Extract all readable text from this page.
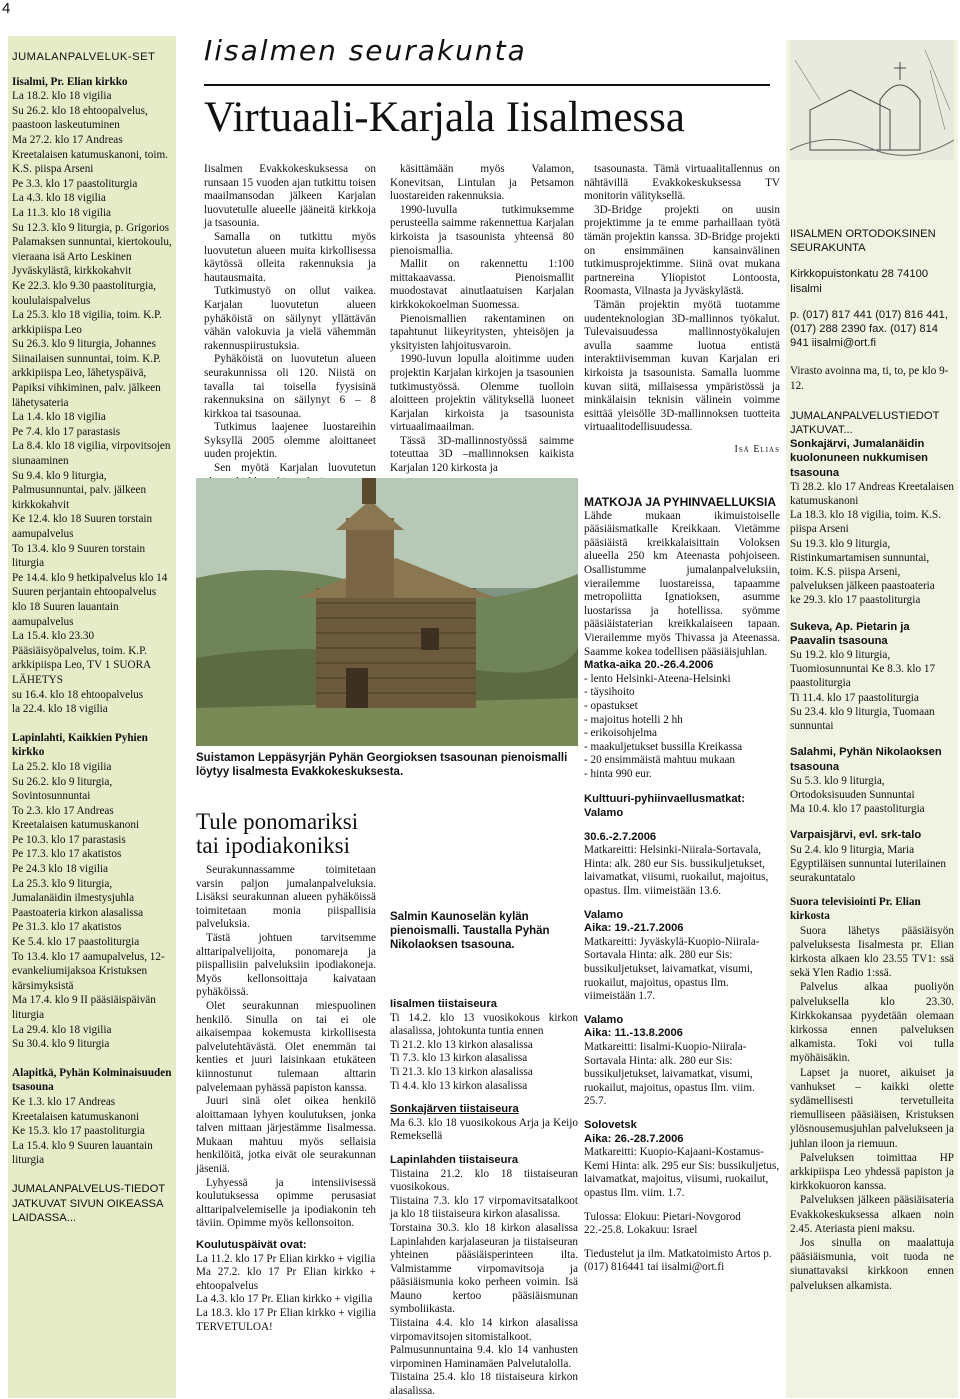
4

JUMALANPALVELUK-SET

Iisalmi, Pr. Elian kirkko

La 18.2. klo 18 vigilia

Su 26.2. klo 18 ehtoopalvelus, paastoon laskeutuminen

Ma 27.2. klo 17 Andreas Kreetalaisen katumuskanoni, toim. K.S. piispa Arseni

Pe 3.3. klo 17 paastoliturgia

La 4.3. klo 18 vigilia

La 11.3. klo 18 vigilia

Su 12.3. klo 9 liturgia, p. Grigorios Palamaksen sunnuntai, kiertokoulu, vieraana isä Arto Leskinen Jyväskylästä, kirkkokahvit

Ke 22.3. klo 9.30 paastoliturgia, koululaispalvelus

La 25.3. klo 18 vigilia, toim. K.P. arkkipiispa Leo

Su 26.3. klo 9 liturgia, Johannes Siinailaisen sunnuntai, toim. K.P. arkkipiispa Leo, lähetyspäivä, Papiksi vihkiminen, palv. jälkeen lähetysateria

La 1.4. klo 18 vigilia

Pe 7.4. klo 17 parastasis

La 8.4. klo 18 vigilia, virpovitsojen siunaaminen

Su 9.4. klo 9 liturgia, Palmusunnuntai, palv. jälkeen kirkkokahvit

Ke 12.4. klo 18 Suuren torstain aamupalvelus

To 13.4. klo 9 Suuren torstain liturgia

Pe 14.4. klo 9 hetkipalvelus klo 14 Suuren perjantain ehtoopalvelus

klo 18 Suuren lauantain aamupalvelus

La 15.4. klo 23.30 Pääsiäisyöpalvelus, toim. K.P. arkkipiispa Leo, TV 1 SUORA LÄHETYS

su 16.4. klo 18 ehtoopalvelus

la 22.4. klo 18 vigilia

Lapinlahti, Kaikkien Pyhien kirkko

La 25.2. klo 18 vigilia

Su 26.2. klo 9 liturgia, Sovintosunnuntai

To 2.3. klo 17 Andreas Kreetalaisen katumuskanoni

Pe 10.3. klo 17 parastasis

Pe 17.3. klo 17 akatistos

Pe 24.3 klo 18 vigilia

La 25.3. klo 9 liturgia, Jumalanäidin ilmestysjuhla

Paastoateria kirkon alasalissa

Pe 31.3. klo 17 akatistos

Ke 5.4. klo 17 paastoliturgia

To 13.4. klo 17 aamupalvelus, 12-evankeliumijaksoa Kristuksen kärsimyksistä

Ma 17.4. klo 9 II pääsiäispäivän liturgia

La 29.4. klo 18 vigilia

Su 30.4. klo 9 liturgia

Alapitkä, Pyhän Kolminaisuuden tsasouna

Ke 1.3. klo 17 Andreas Kreetalaisen katumuskanoni

Ke 15.3. klo 17 paastoliturgia

La 15.4. klo 9 Suuren lauantain liturgia

JUMALANPALVELUS-TIEDOT JATKUVAT SIVUN OIKEASSA LAIDASSA...

Iisalmen seurakunta
Virtuaali-Karjala Iisalmessa

Iisalmen Evakkokeskuksessa on runsaan 15 vuoden ajan tutkittu toisen maailmansodan jälkeen Karjalan luovutetulle alueelle jääneitä kirkkoja ja tsasounia.

Samalla on tutkittu myös luovutetun alueen muita kirkollisessa käytössä olleita rakennuksia ja hautausmaita.

Tutkimustyö on ollut vaikea. Karjalan luovutetun alueen pyhäköistä on säilynyt yllättävän vähän valokuvia ja vielä vähemmän rakennuspiirustuksia.

Pyhäköistä on luovutetun alueen seurakunnissa oli 120. Niistä on tavalla tai toisella fyysisinä rakennuksina on säilynyt 6 – 8 kirkkoa tai tsasounaa.

Tutkimus laajenee luostareihin Syksyllä 2005 olemme aloittaneet uuden projektin.

Sen myötä Karjalan luovutetun

käsittämään myös Valamon, Konevitsan, Lintulan ja Petsamon luostareiden rakennuksia.

1990-luvulla tutkimuksemme perusteella saimme rakennettua Karjalan kirkoista ja tsasounista yhteensä 80 pienoismallia.

Mallit on rakennettu 1:100 mittakaavassa. Pienoismallit muodostavat ainutlaatuisen Karjalan kirkkokokoelman Suomessa.

Pienoismallien rakentaminen on tapahtunut liikeyritysten, yhteisöjen ja yksityisten lahjoitusvaroin.

1990-luvun lopulla aloitimme uuden projektin Karjalan kirkojen ja tsasounien tutkimustyössä. Olemme tuolloin aloitteen projektin välityksellä luoneet Karjalan kirkoista ja tsasounista virtuaalimaailman.

Tässä 3D-mallinnostyössä saimme toteuttaa 3D –mallinnoksen kaikista Karjalan 120 kirkosta ja

tsasounasta. Tämä virtuaalitallennus on nähtävillä Evakkokeskuksessa TV monitorin välityksellä.

3D-Bridge projekti on uusin projektimme ja te emme parhaillaan työtä tämän projektin kanssa. 3D-Bridge projekti on ensimmäinen kansainvälinen tutkimusprojektimme. Siinä ovat mukana partnereina Yliopistot Lontoosta, Roomasta, Vilnasta ja Jyväskylästä.

Tämän projektin myötä tuotamme uudenteknologian 3D-mallinnos työkalut. Tulevaisuudessa mallinnostyökalujen avulla saamme luotua entistä interaktiivisemman kuvan Karjalan eri kirkoista ja tsasounista. Samalla luomme kuvan siitä, millaisessa ympäristössä ja minkälaisin teknisin välinein voimme esittää yleisölle 3D-mallinnoksen tuotteita virtuaalitodellisuudessa.

Isä Elias

Suistamon Leppäsyrjän Pyhän Georgioksen tsasounan pienoismalli löytyy Iisalmesta Evakkokeskuksesta.
Tule ponomariksi tai ipodiakoniksi

Seurakunnassamme toimitetaan varsin paljon jumalanpalveluksia. Lisäksi seurakunnan alueen pyhäköissä toimitetaan monia piispallisia palveluksia.

Tästä johtuen tarvitsemme alttaripalvelijoita, ponomareja ja piispallisiin palveluksiin ipodiakoneja. Myös kellonsoittaja kaivataan pyhäköissä.

Olet seurakunnan miespuolinen henkilö. Sinulla on tai ei ole aikaisempaa kokemusta kirkollisesta palvelutehtävästä. Olet enemmän tai kenties et juuri laisinkaan etukäteen kiinnostunut tulemaan alttarin palvelemaan pyhässä papiston kanssa.

Juuri sinä olet oikea henkilö aloittamaan lyhyen koulutuksen, jonka talven mittaan järjestämme Iisalmessa. Mukaan mahtuu myös sellaisia henkilöitä, jotka eivät ole seurakunnan jäseniä.

Lyhyessä ja intensiivisessä koulutuksessa opimme perusasiat alttaripalvelemiselle ja ipodiakonin teh täviin. Opimme myös kellonsoiton.

Koulutuspäivät ovat:

La 11.2. klo 17 Pr Elian kirkko + vigilia

Ma 27.2. klo 17 Pr Elian kirkko + ehtoopalvelus

La 4.3. klo 17 Pr. Elian kirkko + vigilia

La 18.3. klo 17 Pr Elian kirkko + vigilia TERVETULOA!

Salmin Kaunoselän kylän pienoismalli. Taustalla Pyhän Nikolaoksen tsasouna.

Iisalmen tiistaiseura

Ti 14.2. klo 13 vuosikokous kirkon alasalissa, johtokunta tuntia ennen

Ti 21.2. klo 13 kirkon alasalissa

Ti 7.3. klo 13 kirkon alasalissa

Ti 21.3. klo 13 kirkon alasalissa

Ti 4.4. klo 13 kirkon alasalissa

Sonkajärven tiistaiseura

Ma 6.3. klo 18 vuosikokous Arja ja Keijo Remeksellä

Lapinlahden tiistaiseura

Tiistaina 21.2. klo 18 tiistaiseuran vuosikokous.

Tiistaina 7.3. klo 17 virpomavitsatalkoot ja klo 18 tiistaiseura kirkon alasalissa.

Torstaina 30.3. klo 18 kirkon alasalissa Lapinlahden karjalaseuran ja tiistaiseuran yhteinen pääsiäisperinteen ilta. Valmistamme virpomavitsoja ja pääsiäismunia koko perheen voimin. Isä Mauno kertoo pääsiäismunan symboliikasta.

Tiistaina 4.4. klo 14 kirkon alasalissa virpomavitsojen sitomistalkoot.

Palmusunnuntaina 9.4. klo 14 vanhusten virpominen Haminamäen Palvelutalolla.

Tiistaina 25.4. klo 18 tiistaiseura kirkon alasalissa.

MATKOJA JA PYHINVAELLUKSIA

Lähde mukaan ikimuistoiselle pääsiäismatkalle Kreikkaan. Vietämme pääsiäistä kreikkalaisittain Voloksen alueella 250 km Ateenasta pohjoiseen. Osallistumme jumalanpalveluksiin, vierailemme luostareissa, tapaamme metropoliitta Ignatioksen, asumme luostarissa ja hotellissa. syömme pääsiäistaterian kreikkalaiseen tapaan. Vierailemme myös Thivassa ja Ateenassa. Saamme kokea todellisen pääsiäisjuhlan.

Matka-aika 20.-26.4.2006

- lento Helsinki-Ateena-Helsinki

- täysihoito

- opastukset

- majoitus hotelli 2 hh

- erikoisohjelma

- maakuljetukset bussilla Kreikassa

- 20 ensimmäistä mahtuu mukaan

- hinta 990 eur.

Kulttuuri-pyhiinvaellusmatkat: Valamo

30.6.-2.7.2006

Matkareitti: Helsinki-Niirala-Sortavala, Hinta: alk. 280 eur Sis. bussikuljetukset, laivamatkat, viisumi, ruokailut, majoitus, opastus. Ilm. viimeistään 13.6.

Valamo

Aika: 19.-21.7.2006

Matkareitti: Jyväskylä-Kuopio-Niirala-Sortavala Hinta: alk. 280 eur Sis: bussikuljetukset, laivamatkat, visumi, ruokailut, majoitus, opastus Ilm. viimeistään 1.7.

Valamo

Aika: 11.-13.8.2006

Matkareitti: Iisalmi-Kuopio-Niirala-Sortavala Hinta: alk. 280 eur Sis: bussikuljetukset, laivamatkat, visumi, ruokailut, majoitus, opastus Ilm. viim. 25.7.

Solovetsk

Aika: 26.-28.7.2006

Matkareitti: Kuopio-Kajaani-Kostamus-Kemi Hinta: alk. 295 eur Sis: bussikuljetus, laivamatkat, majoitus, viisumi, ruokailut, opastus Ilm. viim. 1.7.

Tulossa: Elokuu: Pietari-Novgorod 22.-25.8. Lokakuu: Israel

Tiedustelut ja ilm. Matkatoimisto Artos p. (017) 816441 tai iisalmi@ort.fi

IISALMEN ORTODOKSINEN SEURAKUNTA

Kirkkopuistonkatu 28 74100 Iisalmi

p. (017) 817 441 (017) 816 441, (017) 288 2390 fax. (017) 814 941 iisalmi@ort.fi

Virasto avoinna ma, ti, to, pe klo 9-12.

JUMALANPALVELUSTIEDOT JATKUVAT...

Sonkajärvi, Jumalanäidin kuolonuneen nukkumisen tsasouna

Ti 28.2. klo 17 Andreas Kreetalaisen katumuskanoni

La 18.3. klo 18 vigilia, toim. K.S. piispa Arseni

Su 19.3. klo 9 liturgia, Ristinkumartamisen sunnuntai, toim. K.S. piispa Arseni, palveluksen jälkeen paastoateria

ke 29.3. klo 17 paastoliturgia

Sukeva, Ap. Pietarin ja Paavalin tsasouna

Su 19.2. klo 9 liturgia, Tuomiosunnuntai Ke 8.3. klo 17 paastoliturgia

Ti 11.4. klo 17 paastoliturgia

Su 23.4. klo 9 liturgia, Tuomaan sunnuntai

Salahmi, Pyhän Nikolaoksen tsasouna

Su 5.3. klo 9 liturgia, Ortodoksisuuden Sunnuntai

Ma 10.4. klo 17 paastoliturgia

Varpaisjärvi, evl. srk-talo

Su 2.4. klo 9 liturgia, Maria Egyptiläisen sunnuntai luterilainen seurakuntatalo

Suora televisiointi Pr. Elian kirkosta

Suora lähetys pääsiäisyön palveluksesta Iisalmesta pr. Elian kirkosta alkaen klo 23.55 TV1: ssä sekä Ylen Radio 1:ssä.

Palvelus alkaa puoliyön palveluksella klo 23.30. Kirkkokansaa pyydetään olemaan kirkossa ennen palveluksen alkamista. Toki voi tulla myöhäisäkin.

Lapset ja nuoret, aikuiset ja vanhukset – kaikki olette sydämellisesti tervetulleita riemulliseen pääsiäisen, Kristuksen ylösnousemusjuhlan palvelukseen ja juhlan iloon ja riemuun.

Palveluksen toimittaa HP arkkipiispa Leo yhdessä papiston ja kirkkokuoron kanssa.

Palveluksen jälkeen pääsiäisateria Evakkokeskuksessa alkaen noin 2.45. Ateriasta pieni maksu.

Jos sinulla on maalattuja pääsiäismunia, voit tuoda ne siunattavaksi kirkkoon ennen palveluksen alkamista.
